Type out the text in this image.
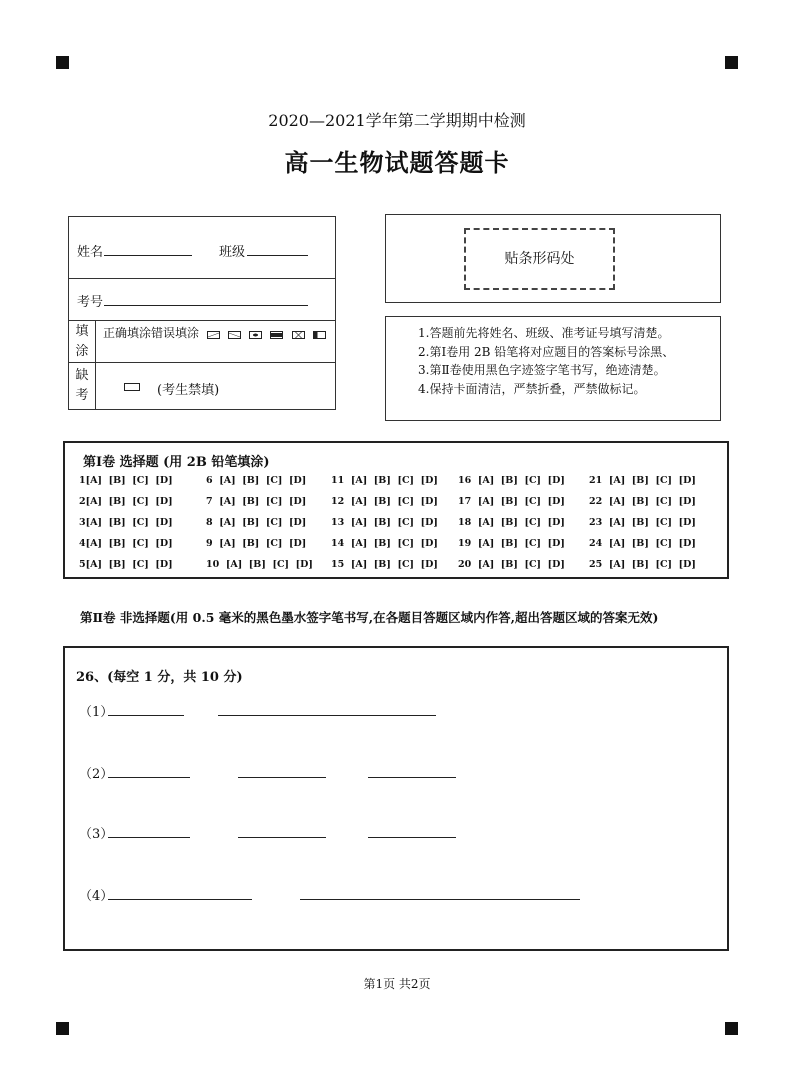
2020—2021学年第二学期期中检测
高一生物试题答题卡
姓名	班级
考号
填
涂
正确填涂错误填涂

缺
考	(考生禁填)
贴条形码处
1.答题前先将姓名、班级、准考证号填写清楚。
2.第Ⅰ卷用 2B 铅笔将对应题目的答案标号涂黑、
3.第Ⅱ卷使用黑色字迹签字笔书写，绝迹清楚。
4.保持卡面清洁，严禁折叠，严禁做标记。
第Ⅰ卷 选择题 (用 2B 铅笔填涂)
1[A]  [B]  [C]  [D]	6  [A]  [B]  [C]  [D]	11  [A]  [B]  [C]  [D] 16  [A]  [B]  [C]  [D]	21  [A]  [B]  [C]  [D]
2[A]  [B]  [C]  [D]	7  [A]  [B]  [C]  [D]	12  [A]  [B]  [C]  [D] 17  [A]  [B]  [C]  [D]	22  [A]  [B]  [C]  [D]
3[A]  [B]  [C]  [D]	8  [A]  [B]  [C]  [D]	13  [A]  [B]  [C]  [D] 18  [A]  [B]  [C]  [D]	23  [A]  [B]  [C]  [D]
4[A]  [B]  [C]  [D]	9  [A]  [B]  [C]  [D]	14  [A]  [B]  [C]  [D] 19  [A]  [B]  [C]  [D]	24  [A]  [B]  [C]  [D]
5[A]  [B]  [C]  [D]	10  [A]  [B]  [C]  [D] 15  [A]  [B]  [C]  [D] 20  [A]  [B]  [C]  [D]	25  [A]  [B]  [C]  [D]
第Ⅱ卷 非选择题(用 0.5 毫米的黑色墨水签字笔书写,在各题目答题区域内作答,超出答题区域的答案无效)
26、(每空 1 分，共 10 分)
（1）
（2）
（3）
（4）
第1页 共2页
